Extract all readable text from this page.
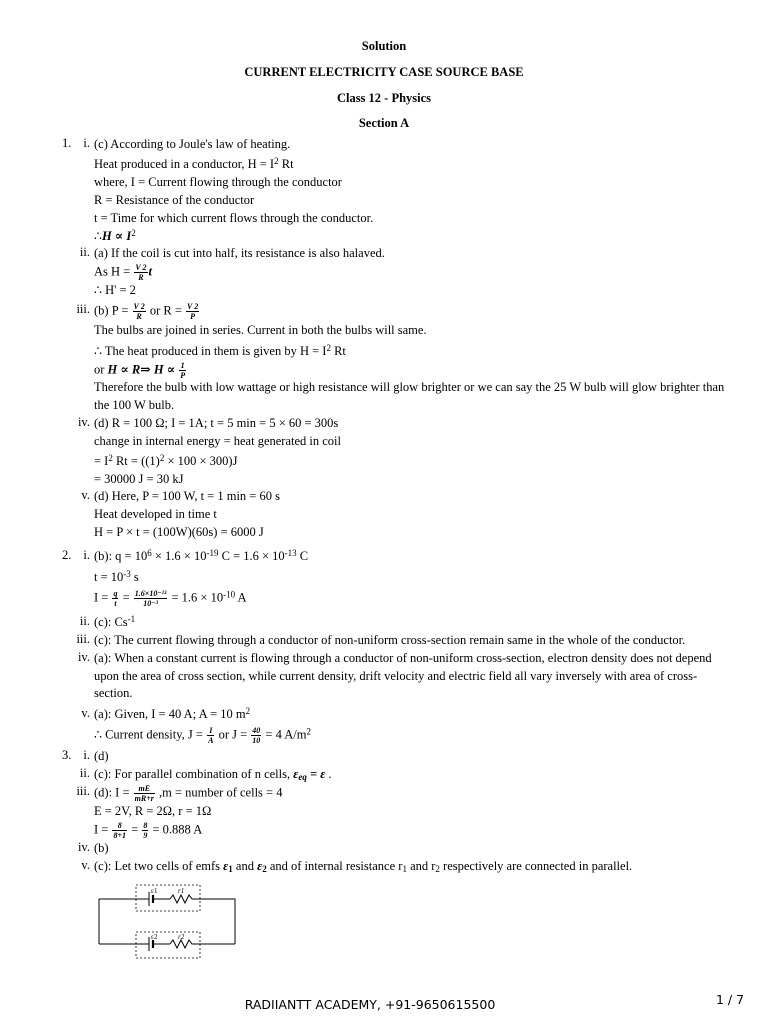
Solution
CURRENT ELECTRICITY CASE SOURCE BASE
Class 12 - Physics
Section A
1. i. (c) According to Joule's law of heating.
Heat produced in a conductor, $H = I^2$ Rt
where, I = Current flowing through the conductor
R = Resistance of the conductor
t = Time for which current flows through the conductor.
∴H ∝ $I^2$
ii. (a) If the coil is cut into half, its resistance is also halaved.
As $H = \frac{V 2}{R}$ t
∴ H' = 2
iii. (b) $P = \frac{V 2}{R}$ or $R = \frac{V 2}{P}$
The bulbs are joined in series. Current in both the bulbs will same.
∴ The heat produced in them is given by $H = I^2$ Rt
or H ∝ R⇒ $H \propto \frac{1}{P}$
Therefore the bulb with low wattage or high resistance will glow brighter or we can say the 25 W bulb will glow brighter than
the 100 W bulb.
iv. (d) R = 100 Ω; I = 1A; t = 5 min = 5 × 60 = 300s
change in internal energy = heat generated in coil
= $I^2$ $Rt = ((1)^2 \times 100 \times 300)J$
= 30000 J = 30 kJ
v. (d) Here, P = 100 W, t = 1 min = 60 s
Heat developed in time t
H = P × t = (100W)(60s) = 6000 J
2. i. (b): $q = 10^6 \times 1.6 \times 10^{-19}$ $C = 1.6 \times 10^{-13}$ C
$t = 10^{-3}$ s
$I = \frac{q}{t} = \frac{\text{1.6×10⁻¹³}}{\text{10⁻³}} = 1.6 \times 10^{-10}$ A
ii. (c): $Cs^{-1}$
iii. (c): The current flowing through a conductor of non-uniform cross-section remain same in the whole of the conductor.
iv. (a): When a constant current is flowing through a conductor of non-uniform cross-section, electron density does not depend
upon the area of cross section, while current density, drift velocity and electric field all vary inversely with area of cross-
section.
v. (a): Given, I = 40 A; A = 10 $m^2$
∴ Current density, $J = \frac{I}{A}$ or $J = \frac{40}{10} = 4$ $A/m^2$
3. i. (d)
ii. (c): For parallel combination of n cells, $\varepsilon_{eq} = \varepsilon$ .
iii. (d): $I = \frac{mE}{mR+r} ,m$ = number of cells = 4
E = 2V, R = 2Ω, r = 1Ω
$I = \frac{8}{8+1} = \frac{8}{9} = 0.888$ A
iv. (b)
v. (c): Let two cells of emfs $\varepsilon_1$ and $\varepsilon_2$ and of internal resistance $r_1$ and $r_2$ respectively are connected in parallel.
ε1	r1
ε2	r2
RADIIANTT ACADEMY, +91-9650615500	1 / 7
